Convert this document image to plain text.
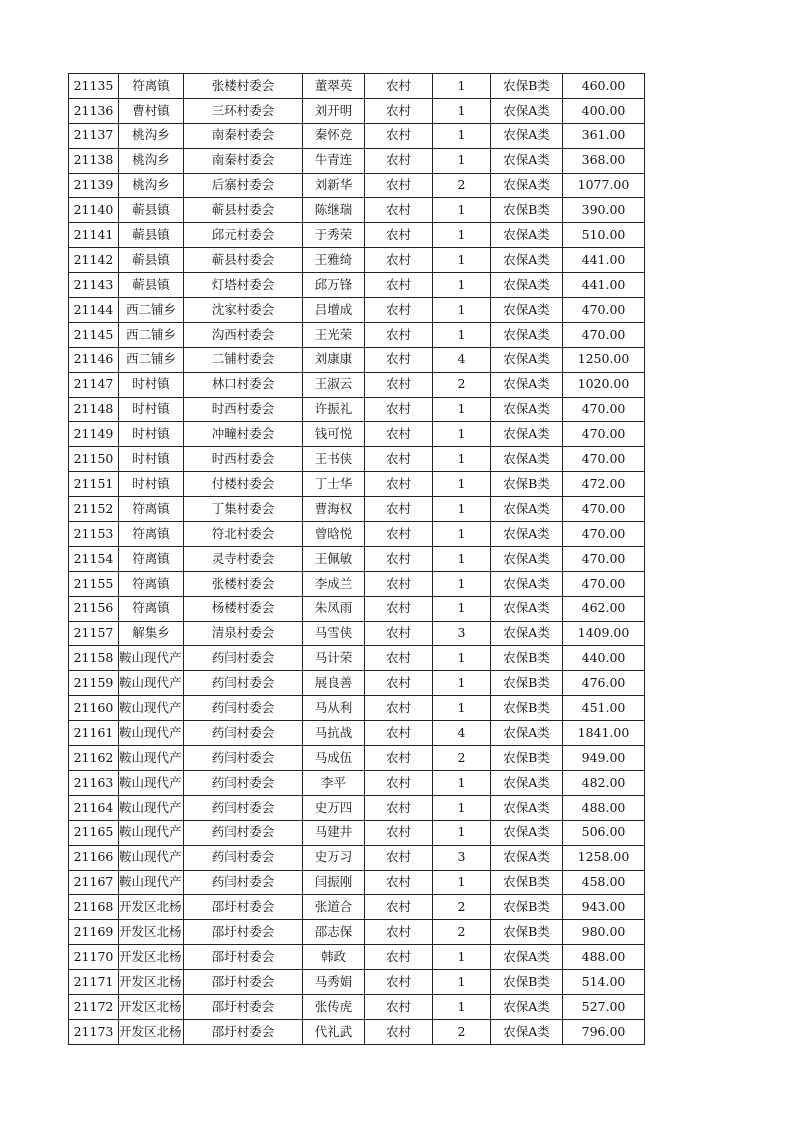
21135	符离镇	张楼村委会	董翠英	农村	1	农保B类	460.00
21136	曹村镇	三环村委会	刘开明	农村	1	农保A类	400.00
21137	桃沟乡	南秦村委会	秦怀竞	农村	1	农保A类	361.00
21138	桃沟乡	南秦村委会	牛青连	农村	1	农保A类	368.00
21139	桃沟乡	后寨村委会	刘新华	农村	2	农保A类	1077.00
21140	蕲县镇	蕲县村委会	陈继瑞	农村	1	农保B类	390.00
21141	蕲县镇	邱元村委会	于秀荣	农村	1	农保A类	510.00
21142	蕲县镇	蕲县村委会	王雅绮	农村	1	农保A类	441.00
21143	蕲县镇	灯塔村委会	邱万锋	农村	1	农保A类	441.00
21144	西二铺乡	沈家村委会	吕增成	农村	1	农保A类	470.00
21145	西二铺乡	沟西村委会	王光荣	农村	1	农保A类	470.00
21146	西二铺乡	二铺村委会	刘康康	农村	4	农保A类	1250.00
21147	时村镇	林口村委会	王淑云	农村	2	农保A类	1020.00
21148	时村镇	时西村委会	许振礼	农村	1	农保A类	470.00
21149	时村镇	冲疃村委会	钱可悦	农村	1	农保A类	470.00
21150	时村镇	时西村委会	王书侠	农村	1	农保A类	470.00
21151	时村镇	付楼村委会	丁士华	农村	1	农保B类	472.00
21152	符离镇	丁集村委会	曹海权	农村	1	农保A类	470.00
21153	符离镇	符北村委会	曾晗悦	农村	1	农保A类	470.00
21154	符离镇	灵寺村委会	王佩敏	农村	1	农保A类	470.00
21155	符离镇	张楼村委会	李成兰	农村	1	农保A类	470.00
21156	符离镇	杨楼村委会	朱凤雨	农村	1	农保A类	462.00
21157	解集乡	清泉村委会	马雪侠	农村	3	农保A类	1409.00
21158	鞍山现代产	药闫村委会	马计荣	农村	1	农保B类	440.00
21159	鞍山现代产	药闫村委会	展良善	农村	1	农保B类	476.00
21160	鞍山现代产	药闫村委会	马从利	农村	1	农保B类	451.00
21161	鞍山现代产	药闫村委会	马抗战	农村	4	农保A类	1841.00
21162	鞍山现代产	药闫村委会	马成伍	农村	2	农保B类	949.00
21163	鞍山现代产	药闫村委会	李平	农村	1	农保A类	482.00
21164	鞍山现代产	药闫村委会	史万四	农村	1	农保A类	488.00
21165	鞍山现代产	药闫村委会	马建井	农村	1	农保A类	506.00
21166	鞍山现代产	药闫村委会	史万习	农村	3	农保A类	1258.00
21167	鞍山现代产	药闫村委会	闫振刚	农村	1	农保B类	458.00
21168	开发区北杨	邵圩村委会	张道合	农村	2	农保B类	943.00
21169	开发区北杨	邵圩村委会	邵志保	农村	2	农保B类	980.00
21170	开发区北杨	邵圩村委会	韩政	农村	1	农保A类	488.00
21171	开发区北杨	邵圩村委会	马秀娟	农村	1	农保B类	514.00
21172	开发区北杨	邵圩村委会	张传虎	农村	1	农保A类	527.00
21173	开发区北杨	邵圩村委会	代礼武	农村	2	农保A类	796.00
